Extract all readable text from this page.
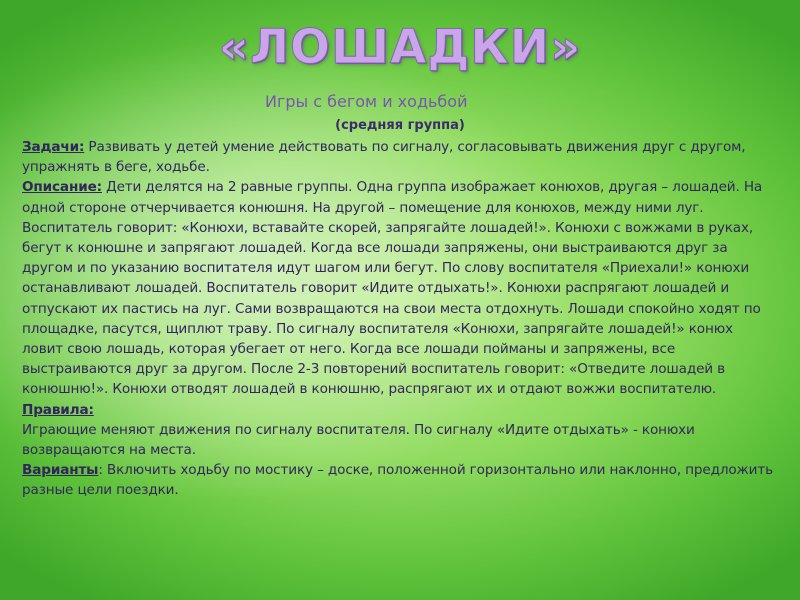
«ЛОШАДКИ»
Игры с бегом и ходьбой
(средняя группа)

Задачи: Развивать у детей умение действовать по сигналу, согласовывать движения друг с другом, упражнять в беге, ходьбе.

Описание: Дети делятся на 2 равные группы. Одна группа изображает конюхов, другая – лошадей. На одной стороне отчерчивается конюшня. На другой – помещение для конюхов, между ними луг. Воспитатель говорит: «Конюхи, вставайте скорей, запрягайте лошадей!». Конюхи с вожжами в руках, бегут к конюшне и запрягают лошадей. Когда все лошади запряжены, они выстраиваются друг за другом и по указанию воспитателя идут шагом или бегут. По слову воспитателя «Приехали!» конюхи останавливают лошадей. Воспитатель говорит «Идите отдыхать!». Конюхи распрягают лошадей и отпускают их пастись на луг. Сами возвращаются на свои места отдохнуть. Лошади спокойно ходят по площадке, пасутся, щиплют траву. По сигналу воспитателя «Конюхи, запрягайте лошадей!» конюх ловит свою лошадь, которая убегает от него. Когда все лошади пойманы и запряжены, все выстраиваются друг за другом. После 2-3 повторений воспитатель говорит: «Отведите лошадей в конюшню!». Конюхи отводят лошадей в конюшню, распрягают их и отдают вожжи воспитателю.

Правила:

Играющие меняют движения по сигналу воспитателя. По сигналу «Идите отдыхать» - конюхи возвращаются на места.

Варианты: Включить ходьбу по мостику – доске, положенной горизонтально или наклонно, предложить разные цели поездки.
